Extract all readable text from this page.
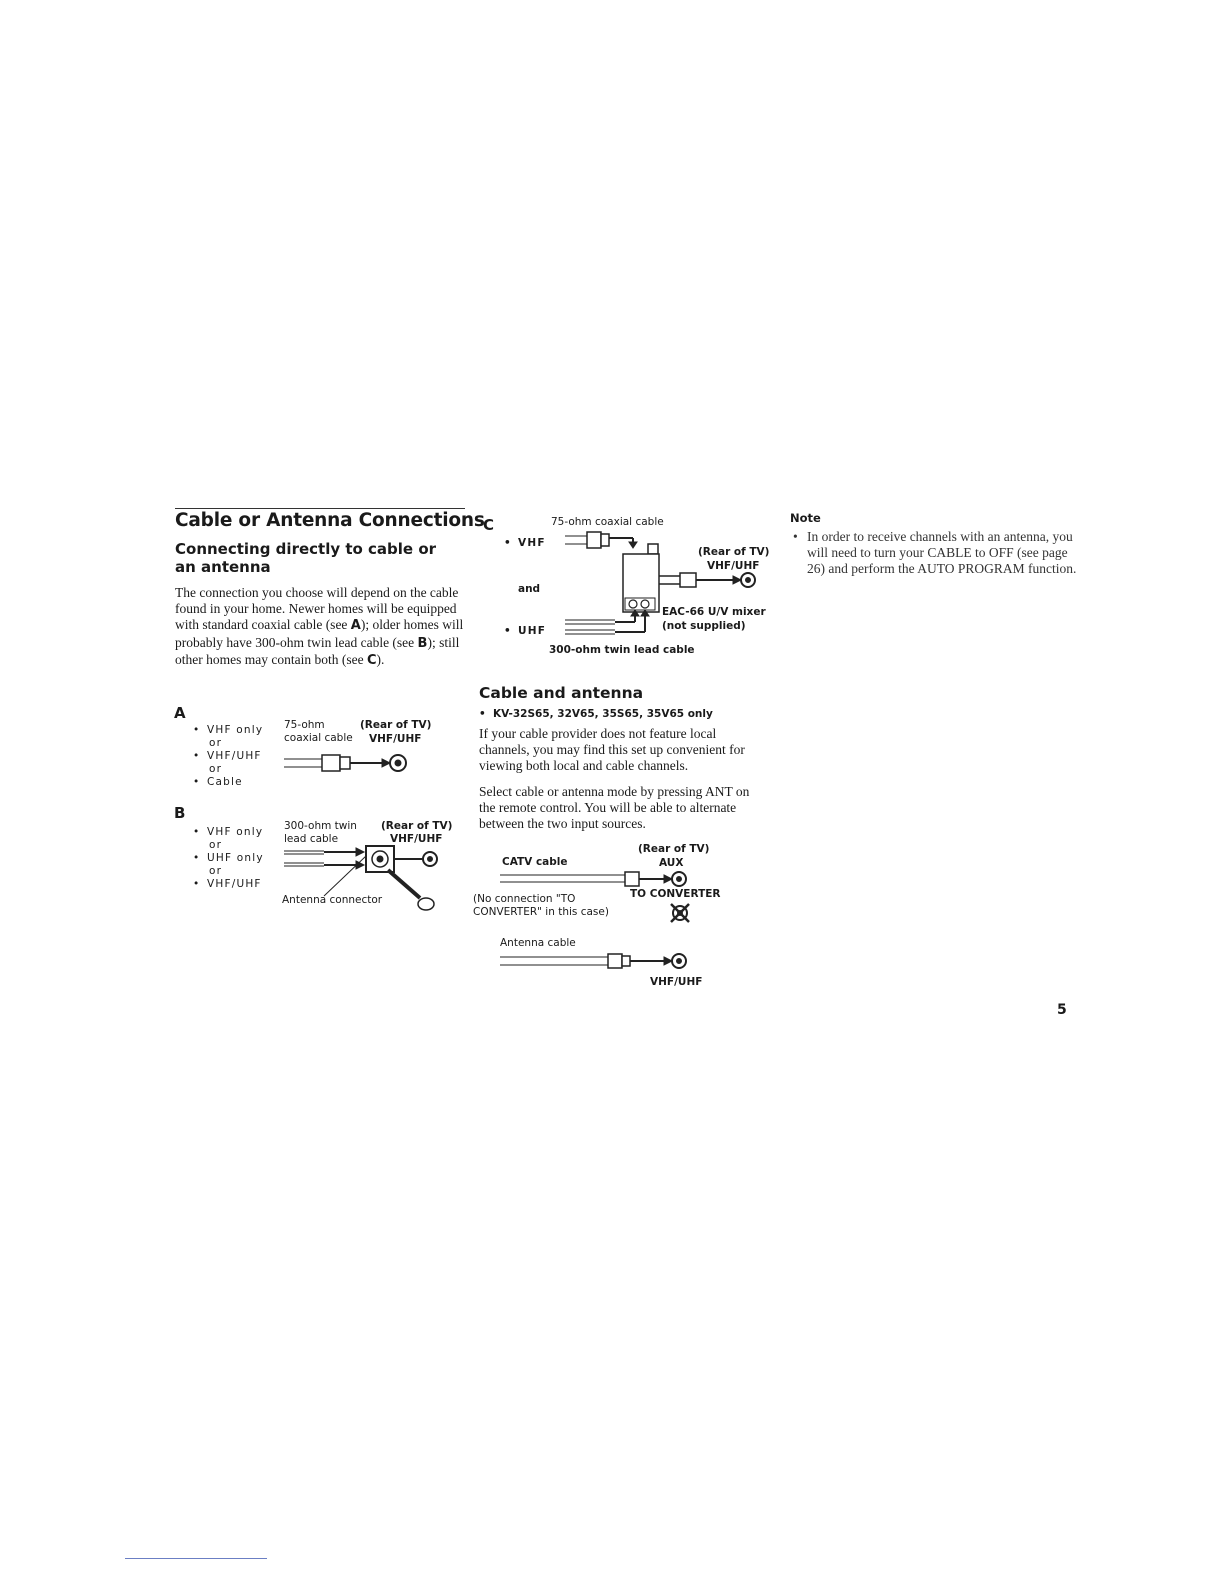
Cable or Antenna Connections
Connecting directly to cable or an antenna
The connection you choose will depend on the cable found in your home. Newer homes will be equipped with standard coaxial cable (see A); older homes will probably have 300-ohm twin lead cable (see B); still other homes may contain both (see C).
A
• VHF only
or
• VHF/UHF
or
• Cable
75-ohm coaxial cable
(Rear of TV)
VHF/UHF
B
• VHF only
or
• UHF only
or
• VHF/UHF
300-ohm twin lead cable
(Rear of TV)
VHF/UHF
Antenna connector
C	75-ohm coaxial cable
• VHF
and
• UHF
(Rear of TV)
VHF/UHF
EAC-66 U/V mixer
(not supplied)
300-ohm twin lead cable
Cable and antenna
• KV-32S65, 32V65, 35S65, 35V65 only
If your cable provider does not feature local channels, you may find this set up convenient for viewing both local and cable channels.
Select cable or antenna mode by pressing ANT on the remote control. You will be able to alternate between the two input sources.
(Rear of TV)
CATV cable	AUX
(No connection "TO CONVERTER" in this case)
TO CONVERTER
Antenna cable
VHF/UHF
Note
• In order to receive channels with an antenna, you will need to turn your CABLE to OFF (see page 26) and perform the AUTO PROGRAM function.
5
